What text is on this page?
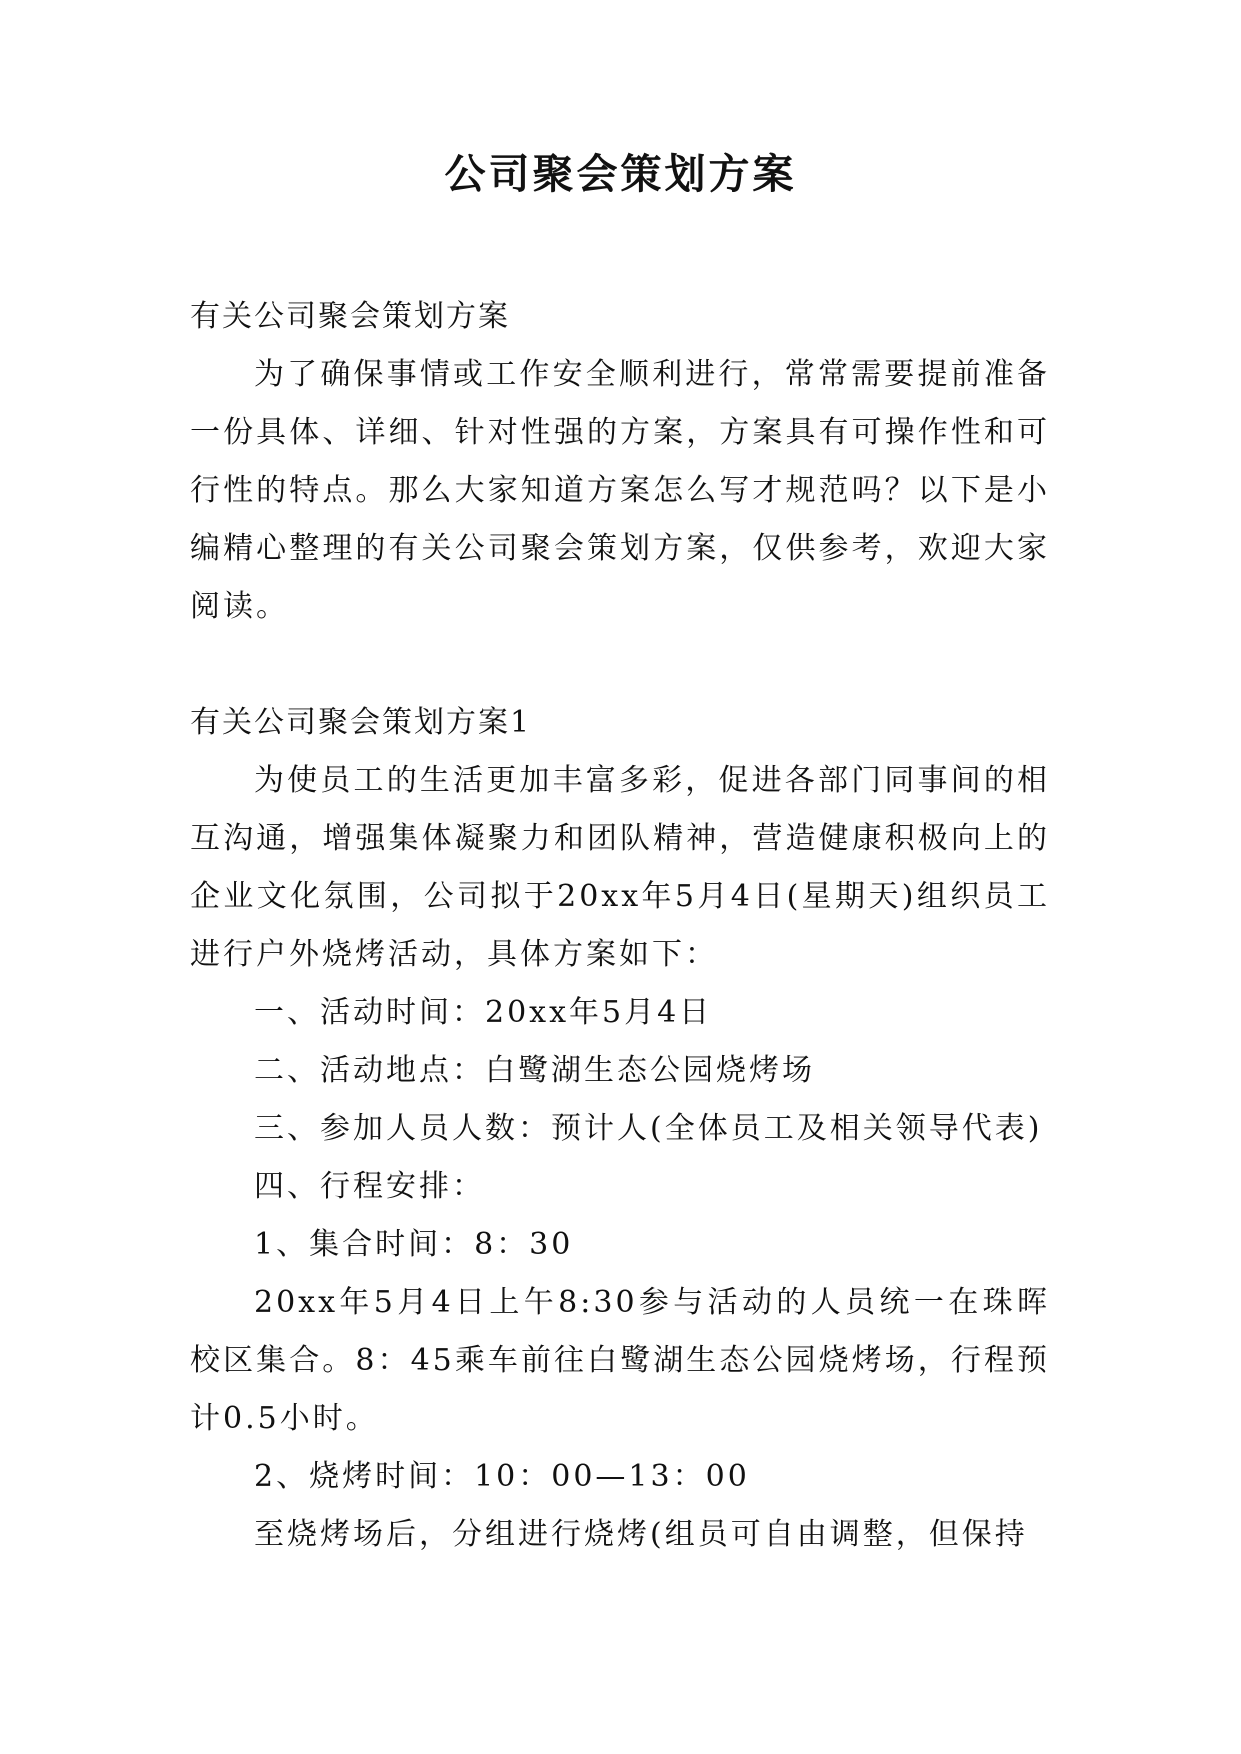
公司聚会策划方案

有关公司聚会策划方案

为了确保事情或工作安全顺利进行，常常需要提前准备一份具体、详细、针对性强的方案，方案具有可操作性和可行性的特点。那么大家知道方案怎么写才规范吗？以下是小编精心整理的有关公司聚会策划方案，仅供参考，欢迎大家阅读。

有关公司聚会策划方案1

为使员工的生活更加丰富多彩，促进各部门同事间的相互沟通，增强集体凝聚力和团队精神，营造健康积极向上的企业文化氛围，公司拟于20xx年5月4日(星期天)组织员工进行户外烧烤活动，具体方案如下：

一、活动时间：20xx年5月4日

二、活动地点：白鹭湖生态公园烧烤场

三、参加人员人数：预计人(全体员工及相关领导代表)

四、行程安排：

1、集合时间：8：30

20xx年5月4日上午8:30参与活动的人员统一在珠晖校区集合。8：45乘车前往白鹭湖生态公园烧烤场，行程预计0.5小时。

2、烧烤时间：10：00—13：00

至烧烤场后，分组进行烧烤(组员可自由调整，但保持
